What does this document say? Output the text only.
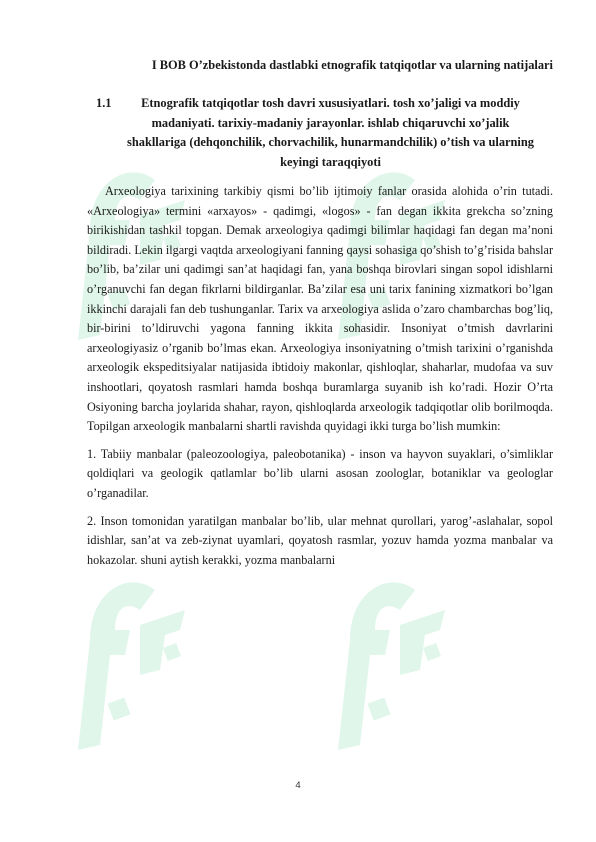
I BOB O’zbekistonda dastlabki etnografik tatqiqotlar va ularning natijalari
1.1 Etnografik tatqiqotlar tosh davri xususiyatlari. tosh xo’jaligi va moddiy madaniyati. tarixiy-madaniy jarayonlar. ishlab chiqaruvchi xo’jalik shakllariga (dehqonchilik, chorvachilik, hunarmandchilik) o’tish va ularning keyingi taraqqiyoti

Arxeologiya tarixining tarkibiy qismi bo’lib ijtimoiy fanlar orasida alohida o’rin tutadi. «Arxeologiya» termini «arxayos» - qadimgi, «logos» - fan degan ikkita grekcha so’zning birikishidan tashkil topgan. Demak arxeologiya qadimgi bilimlar haqidagi fan degan ma’noni bildiradi. Lekin ilgargi vaqtda arxeologiyani fanning qaysi sohasiga qo’shish to’g’risida bahslar bo’lib, ba’zilar uni qadimgi san’at haqidagi fan, yana boshqa birovlari singan sopol idishlarni o’rganuvchi fan degan fikrlarni bildirganlar. Ba’zilar esa uni tarix fanining xizmatkori bo’lgan ikkinchi darajali fan deb tushunganlar. Tarix va arxeologiya aslida o’zaro chambarchas bog’liq, bir-birini to’ldiruvchi yagona fanning ikkita sohasidir. Insoniyat o’tmish davrlarini arxeologiyasiz o’rganib bo’lmas ekan. Arxeologiya insoniyatning o’tmish tarixini o’rganishda arxeologik ekspeditsiyalar natijasida ibtidoiy makonlar, qishloqlar, shaharlar, mudofaa va suv inshootlari, qoyatosh rasmlari hamda boshqa buramlarga suyanib ish ko’radi. Hozir O’rta Osiyoning barcha joylarida shahar, rayon, qishloqlarda arxeologik tadqiqotlar olib borilmoqda. Topilgan arxeologik manbalarni shartli ravishda quyidagi ikki turga bo’lish mumkin:

1. Tabiiy manbalar (paleozoologiya, paleobotanika) - inson va hayvon suyaklari, o’simliklar qoldiqlari va geologik qatlamlar bo’lib ularni asosan zoologlar, botaniklar va geologlar o’rganadilar.

2. Inson tomonidan yaratilgan manbalar bo’lib, ular mehnat qurollari, yarog’-aslahalar, sopol idishlar, san’at va zeb-ziynat uyamlari, qoyatosh rasmlar, yozuv hamda yozma manbalar va hokazolar. shuni aytish kerakki, yozma manbalarni

4
